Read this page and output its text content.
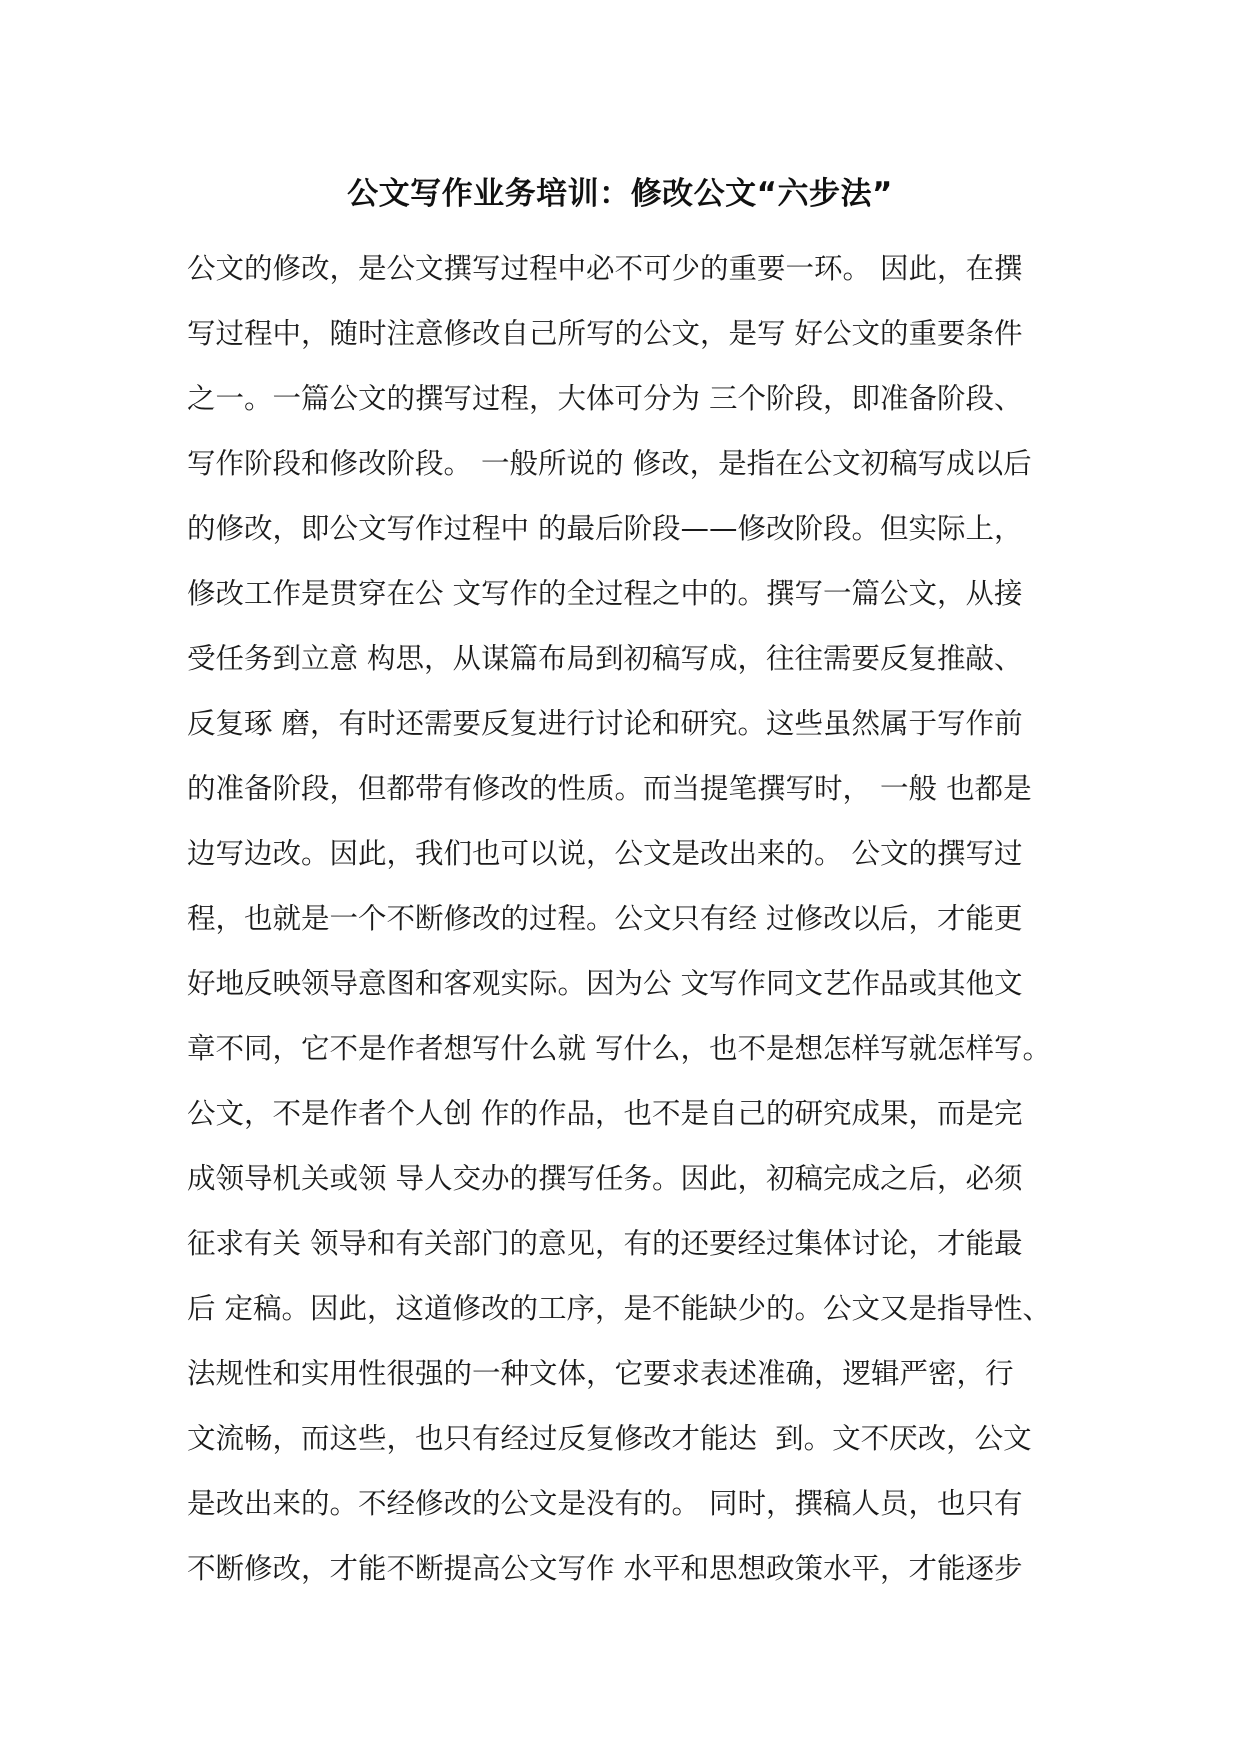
公文写作业务培训：修改公文“六步法”
公文的修改，是公文撰写过程中必不可少的重要一环。 因此，在撰
写过程中，随时注意修改自己所写的公文，是写 好公文的重要条件
之一。一篇公文的撰写过程，大体可分为 三个阶段，即准备阶段、
写作阶段和修改阶段。 一般所说的 修改，是指在公文初稿写成以后
的修改，即公文写作过程中 的最后阶段——修改阶段。但实际上，
修改工作是贯穿在公 文写作的全过程之中的。撰写一篇公文，从接
受任务到立意 构思，从谋篇布局到初稿写成，往往需要反复推敲、
反复琢 磨，有时还需要反复进行讨论和研究。这些虽然属于写作前
的准备阶段，但都带有修改的性质。而当提笔撰写时， 一般 也都是
边写边改。因此，我们也可以说，公文是改出来的。 公文的撰写过
程，也就是一个不断修改的过程。公文只有经 过修改以后，才能更
好地反映领导意图和客观实际。因为公 文写作同文艺作品或其他文
章不同，它不是作者想写什么就 写什么，也不是想怎样写就怎样写。
公文，不是作者个人创 作的作品，也不是自己的研究成果，而是完
成领导机关或领 导人交办的撰写任务。因此，初稿完成之后，必须
征求有关 领导和有关部门的意见，有的还要经过集体讨论，才能最
后 定稿。因此，这道修改的工序，是不能缺少的。公文又是指导性、
法规性和实用性很强的一种文体，它要求表述准确，逻辑严密，行
文流畅，而这些，也只有经过反复修改才能达  到。文不厌改，公文
是改出来的。不经修改的公文是没有的。 同时，撰稿人员，也只有
不断修改，才能不断提高公文写作 水平和思想政策水平，才能逐步
